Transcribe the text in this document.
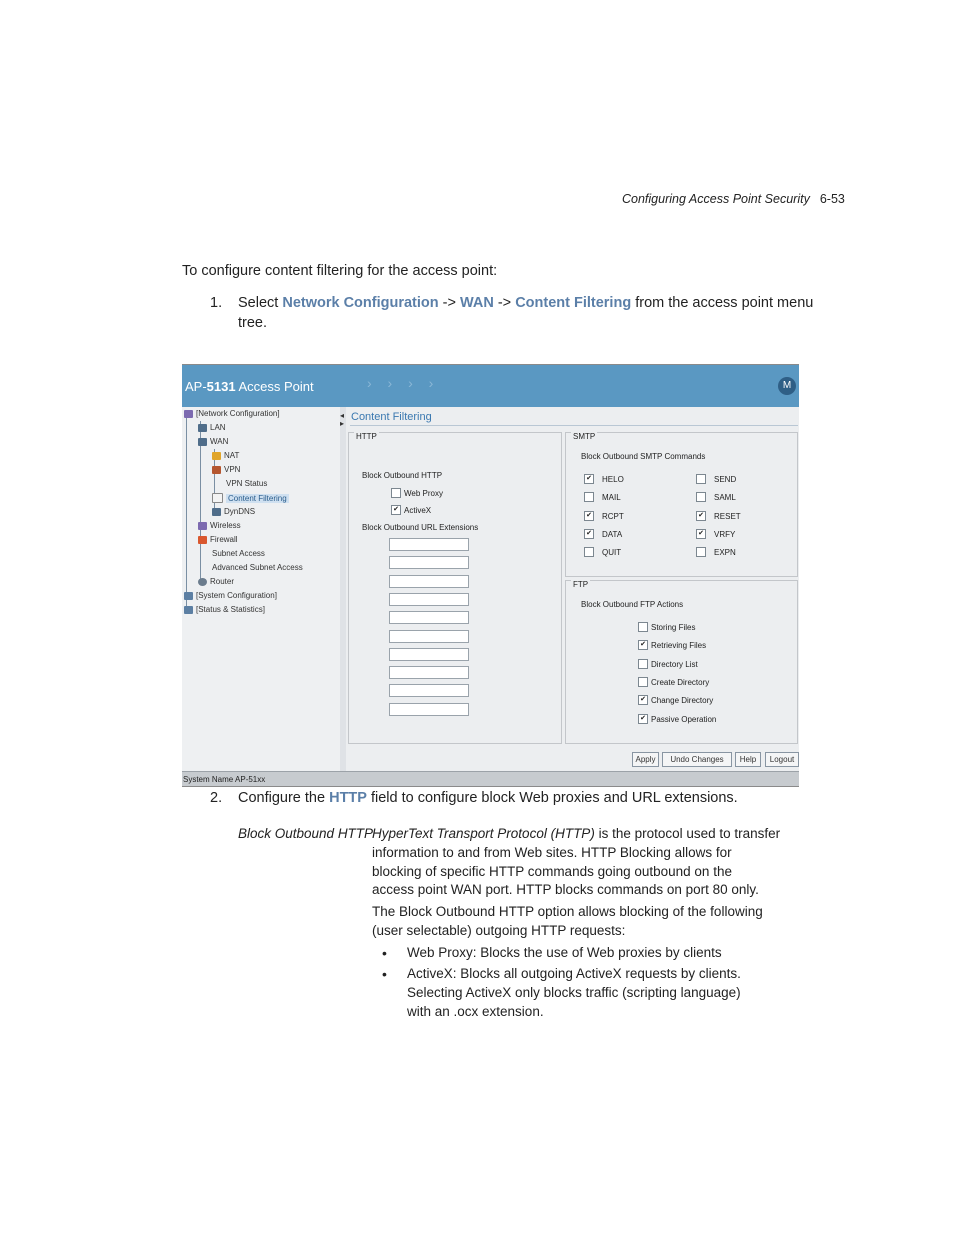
Configuring Access Point Security 6-53
To configure content filtering for the access point:
1. Select Network Configuration -> WAN -> Content Filtering from the access point menu
tree.
AP-5131 Access Point	› › › ›	M
[Network Configuration]
LAN
WAN
NAT
VPN
VPN Status
Content Filtering
DynDNS
Wireless
Firewall
Subnet Access
Advanced Subnet Access
Router
[System Configuration]
[Status & Statistics]
◂
▸
Content Filtering
HTTP
Block Outbound HTTP
Web Proxy
✔ ActiveX
Block Outbound URL Extensions
SMTP
Block Outbound SMTP Commands
✔ HELO	SEND
MAIL	SAML
✔ RCPT	✔ RESET
✔ DATA	✔ VRFY
QUIT	EXPN
FTP
Block Outbound FTP Actions
Storing Files
✔ Retrieving Files
Directory List
Create Directory
✔ Change Directory
✔ Passive Operation
Apply	Undo Changes	Help	Logout
System Name AP-51xx
2. Configure the HTTP field to configure block Web proxies and URL extensions.
Block Outbound HTTP
HyperText Transport Protocol (HTTP) is the protocol used to transfer
information to and from Web sites. HTTP Blocking allows for
blocking of specific HTTP commands going outbound on the
access point WAN port. HTTP blocks commands on port 80 only.
The Block Outbound HTTP option allows blocking of the following
(user selectable) outgoing HTTP requests:
• Web Proxy: Blocks the use of Web proxies by clients
• ActiveX: Blocks all outgoing ActiveX requests by clients.
Selecting ActiveX only blocks traffic (scripting language)
with an .ocx extension.
